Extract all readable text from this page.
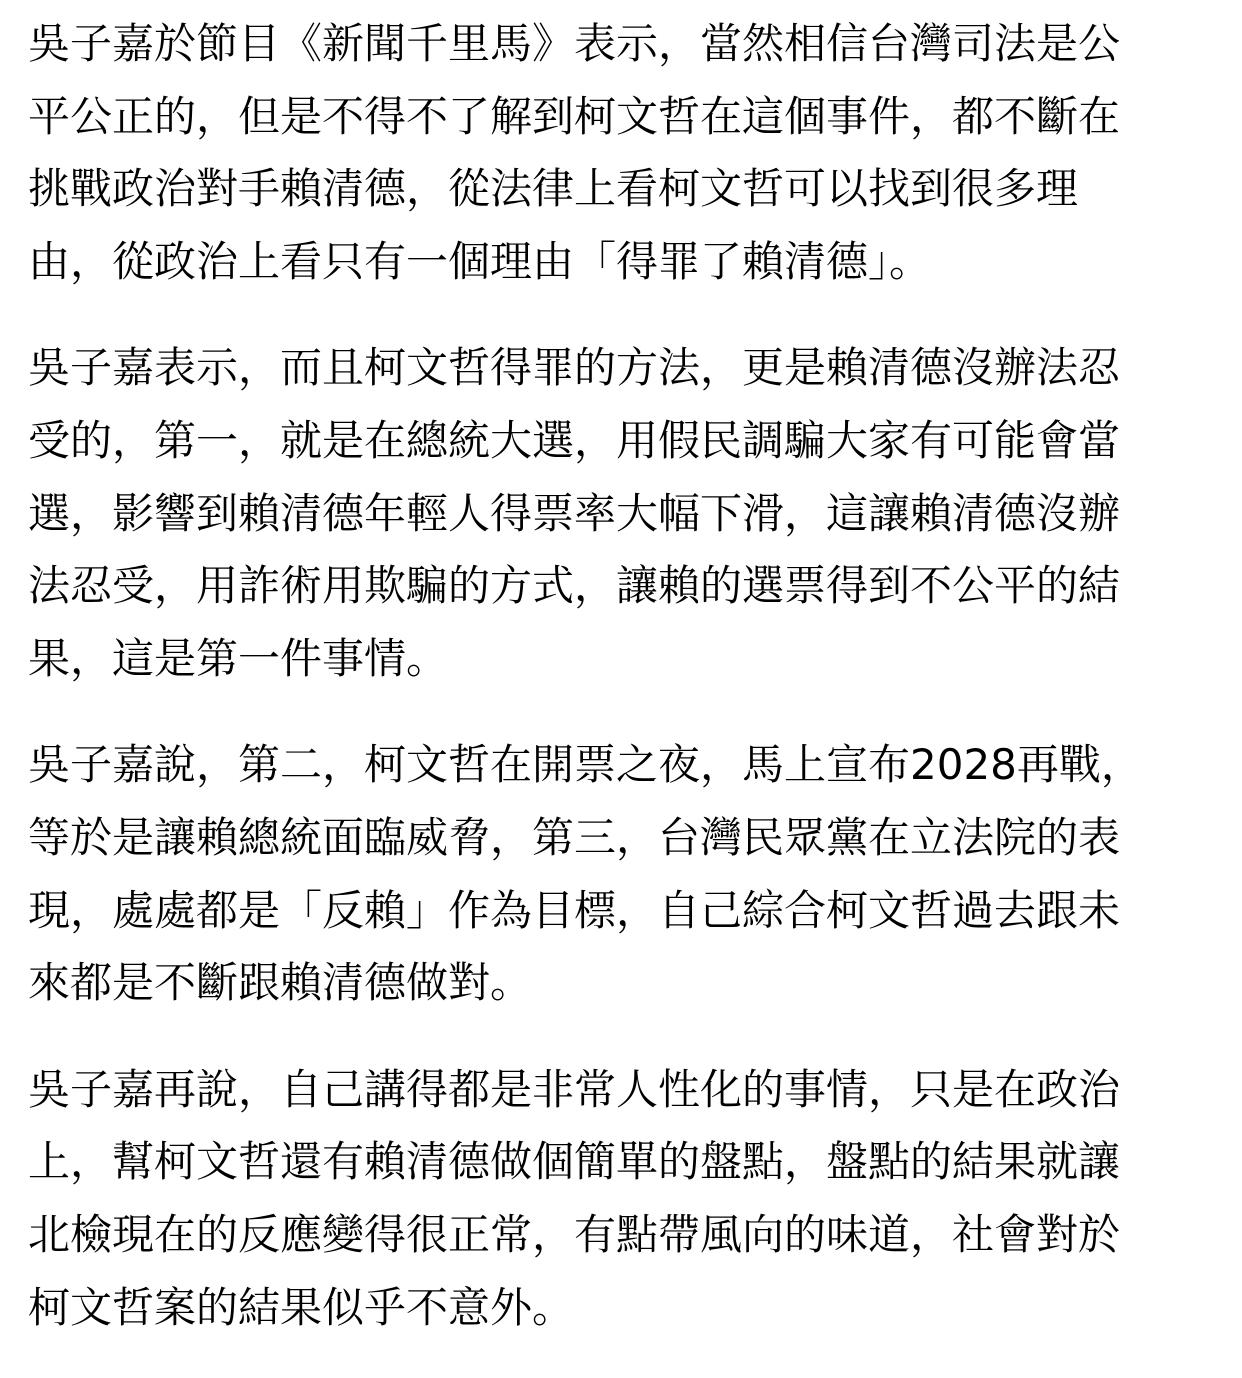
吳子嘉於節目《新聞千里馬》表示，當然相信台灣司法是公
平公正的，但是不得不了解到柯文哲在這個事件，都不斷在
挑戰政治對手賴清德，從法律上看柯文哲可以找到很多理
由，從政治上看只有一個理由「得罪了賴清德」。

吳子嘉表示，而且柯文哲得罪的方法，更是賴清德沒辦法忍
受的，第一，就是在總統大選，用假民調騙大家有可能會當
選，影響到賴清德年輕人得票率大幅下滑，這讓賴清德沒辦
法忍受，用詐術用欺騙的方式，讓賴的選票得到不公平的結
果，這是第一件事情。

吳子嘉說，第二，柯文哲在開票之夜，馬上宣布2028再戰，
等於是讓賴總統面臨威脅，第三，台灣民眾黨在立法院的表
現，處處都是「反賴」作為目標，自己綜合柯文哲過去跟未
來都是不斷跟賴清德做對。

吳子嘉再說，自己講得都是非常人性化的事情，只是在政治
上，幫柯文哲還有賴清德做個簡單的盤點，盤點的結果就讓
北檢現在的反應變得很正常，有點帶風向的味道，社會對於
柯文哲案的結果似乎不意外。
